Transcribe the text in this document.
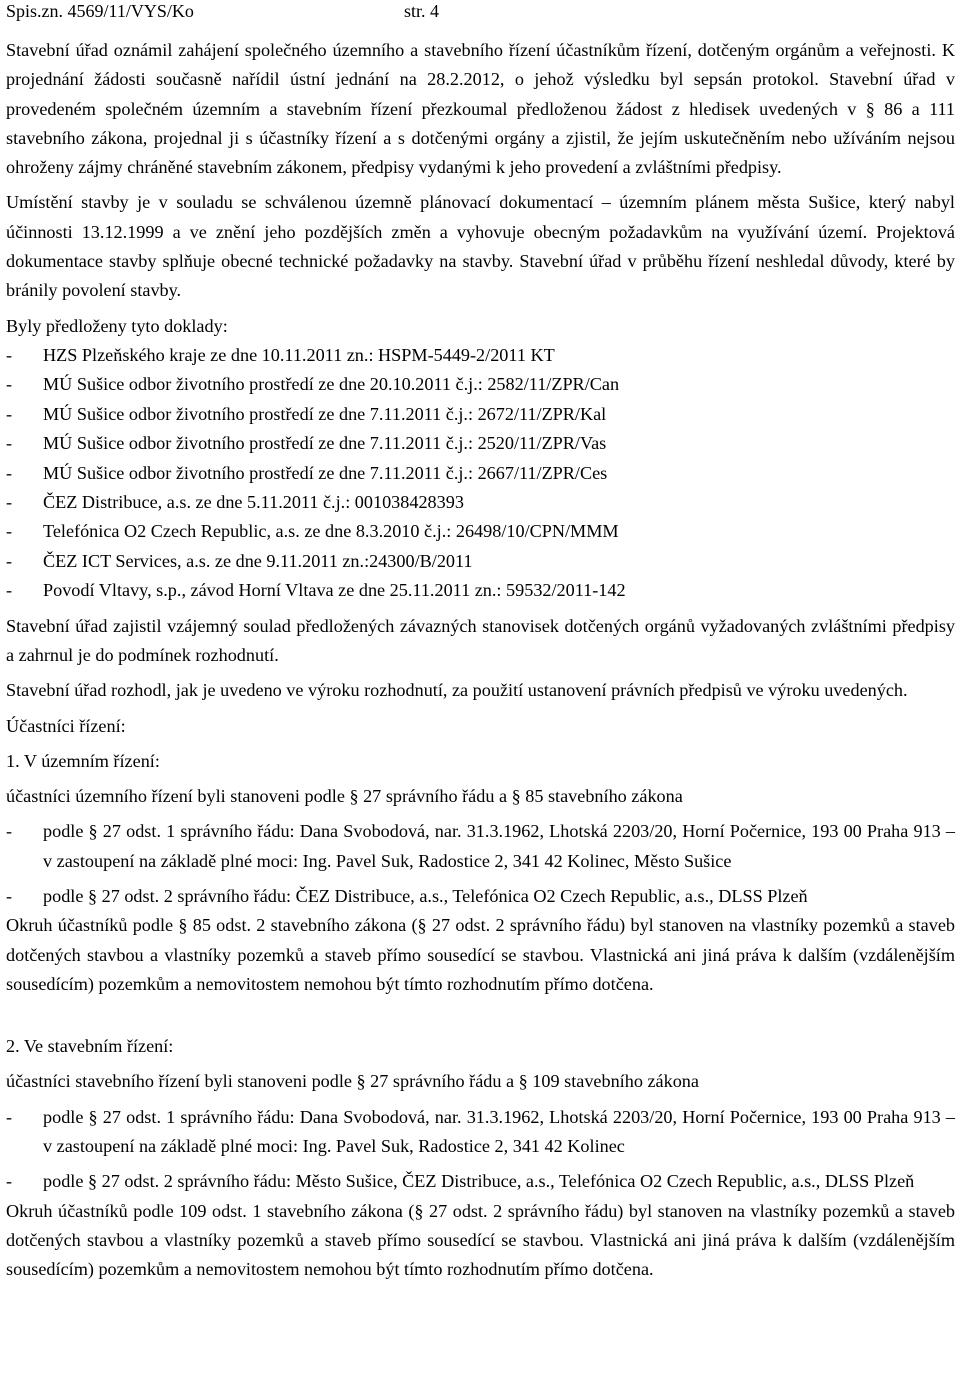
Spis.zn. 4569/11/VYS/Ko	str. 4

Stavební úřad oznámil zahájení společného územního a stavebního řízení účastníkům řízení, dotčeným orgánům a veřejnosti. K projednání žádosti současně nařídil ústní jednání na 28.2.2012, o jehož výsledku byl sepsán protokol. Stavební úřad v provedeném společném územním a stavebním řízení přezkoumal předloženou žádost z hledisek uvedených v § 86 a 111 stavebního zákona, projednal ji s účastníky řízení a s dotčenými orgány a zjistil, že jejím uskutečněním nebo užíváním nejsou ohroženy zájmy chráněné stavebním zákonem, předpisy vydanými k jeho provedení a zvláštními předpisy.

Umístění stavby je v souladu se schválenou územně plánovací dokumentací – územním plánem města Sušice, který nabyl účinnosti 13.12.1999 a ve znění jeho pozdějších změn a vyhovuje obecným požadavkům na využívání území. Projektová dokumentace stavby splňuje obecné technické požadavky na stavby. Stavební úřad v průběhu řízení neshledal důvody, které by bránily povolení stavby.

Byly předloženy tyto doklady:

- HZS Plzeňského kraje ze dne 10.11.2011 zn.: HSPM-5449-2/2011 KT
- MÚ Sušice odbor životního prostředí ze dne 20.10.2011 č.j.: 2582/11/ZPR/Can
- MÚ Sušice odbor životního prostředí ze dne 7.11.2011 č.j.: 2672/11/ZPR/Kal
- MÚ Sušice odbor životního prostředí ze dne 7.11.2011 č.j.: 2520/11/ZPR/Vas
- MÚ Sušice odbor životního prostředí ze dne 7.11.2011 č.j.: 2667/11/ZPR/Ces
- ČEZ Distribuce, a.s. ze dne 5.11.2011 č.j.: 001038428393
- Telefónica O2 Czech Republic, a.s. ze dne 8.3.2010 č.j.: 26498/10/CPN/MMM
- ČEZ ICT Services, a.s. ze dne 9.11.2011 zn.:24300/B/2011
- Povodí Vltavy, s.p., závod Horní Vltava ze dne 25.11.2011 zn.: 59532/2011-142

Stavební úřad zajistil vzájemný soulad předložených závazných stanovisek dotčených orgánů vyžadovaných zvláštními předpisy a zahrnul je do podmínek rozhodnutí.

Stavební úřad rozhodl, jak je uvedeno ve výroku rozhodnutí, za použití ustanovení právních předpisů ve výroku uvedených.

Účastníci řízení:

1. V územním řízení:

účastníci územního řízení byli stanoveni podle § 27 správního řádu a § 85 stavebního zákona

- podle § 27 odst. 1 správního řádu: Dana Svobodová, nar. 31.3.1962, Lhotská 2203/20, Horní Počernice, 193 00 Praha 913 – v zastoupení na základě plné moci: Ing. Pavel Suk, Radostice 2, 341 42 Kolinec, Město Sušice
- podle § 27 odst. 2 správního řádu: ČEZ Distribuce, a.s., Telefónica O2 Czech Republic, a.s., DLSS Plzeň

Okruh účastníků podle § 85 odst. 2 stavebního zákona (§ 27 odst. 2 správního řádu) byl stanoven na vlastníky pozemků a staveb dotčených stavbou a vlastníky pozemků a staveb přímo sousedící se stavbou. Vlastnická ani jiná práva k dalším (vzdálenějším sousedícím) pozemkům a nemovitostem nemohou být tímto rozhodnutím přímo dotčena.

2. Ve stavebním řízení:

účastníci stavebního řízení byli stanoveni podle § 27 správního řádu a § 109 stavebního zákona

- podle § 27 odst. 1 správního řádu: Dana Svobodová, nar. 31.3.1962, Lhotská 2203/20, Horní Počernice, 193 00 Praha 913 – v zastoupení na základě plné moci: Ing. Pavel Suk, Radostice 2, 341 42 Kolinec
- podle § 27 odst. 2 správního řádu: Město Sušice, ČEZ Distribuce, a.s., Telefónica O2 Czech Republic, a.s., DLSS Plzeň

Okruh účastníků podle 109 odst. 1 stavebního zákona (§ 27 odst. 2 správního řádu) byl stanoven na vlastníky pozemků a staveb dotčených stavbou a vlastníky pozemků a staveb přímo sousedící se stavbou. Vlastnická ani jiná práva k dalším (vzdálenějším sousedícím) pozemkům a nemovitostem nemohou být tímto rozhodnutím přímo dotčena.
